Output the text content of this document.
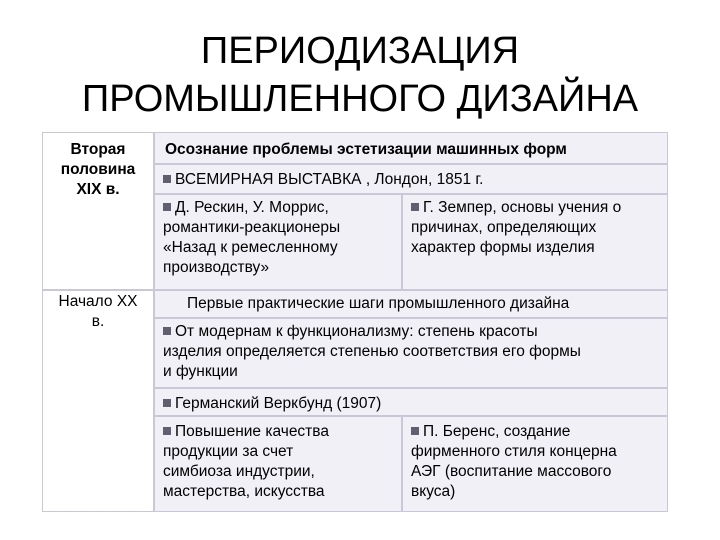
ПЕРИОДИЗАЦИЯ
ПРОМЫШЛЕННОГО ДИЗАЙНА
Вторая
половина
XIX в.
Начало XX
в.
Осознание проблемы эстетизации машинных форм
ВСЕМИРНАЯ ВЫСТАВКА , Лондон, 1851 г.
Д. Рескин, У. Моррис,
романтики-реакционеры
«Назад к ремесленному
производству»
Г. Земпер, основы учения о
причинах, определяющих
характер формы изделия
Первые практические шаги промышленного дизайна
От модернам к функционализму: степень красоты
изделия определяется степенью соответствия его формы
и функции
Германский Веркбунд (1907)
Повышение качества
продукции за счет
симбиоза индустрии,
мастерства, искусства
П. Беренс, создание
фирменного стиля концерна
АЭГ (воспитание массового
вкуса)
